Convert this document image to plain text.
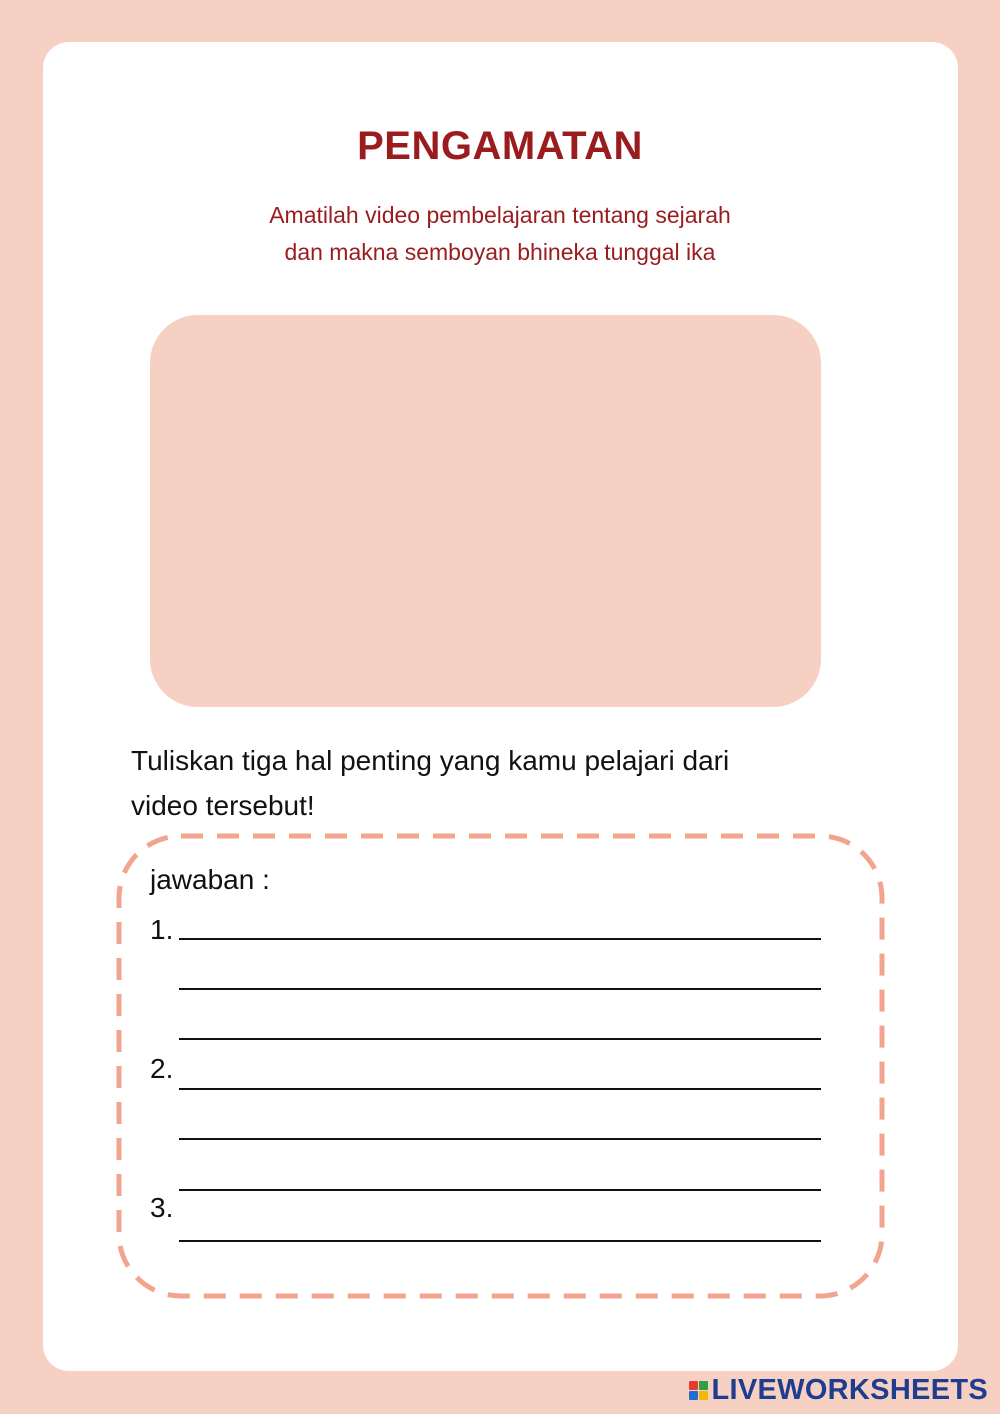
PENGAMATAN

Amatilah video pembelajaran tentang sejarah
dan makna semboyan bhineka tunggal ika

Tuliskan tiga hal penting yang kamu pelajari dari
video tersebut!

jawaban :

1.
2.
3.
LIVEWORKSHEETS
